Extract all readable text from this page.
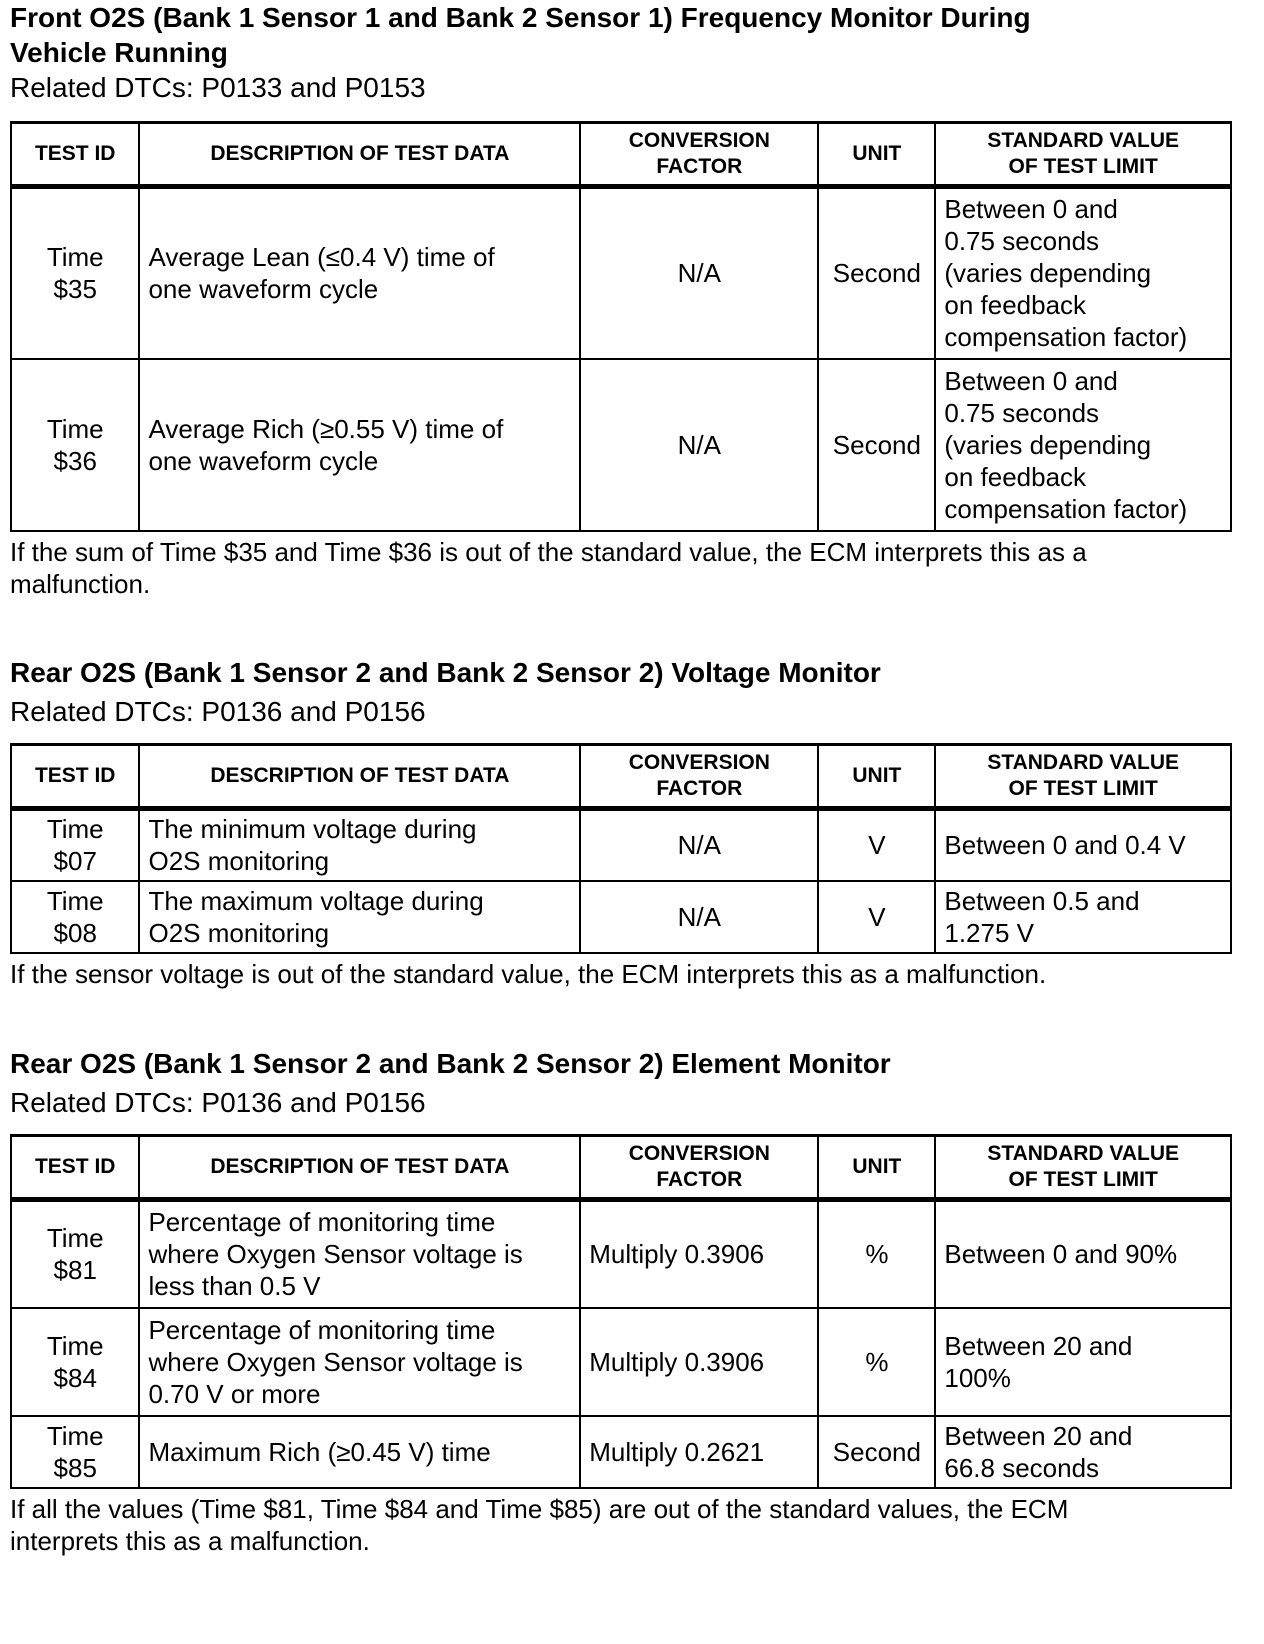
Front O2S (Bank 1 Sensor 1 and Bank 2 Sensor 1) Frequency Monitor During
Vehicle Running
Related DTCs: P0133 and P0153
TEST ID	DESCRIPTION OF TEST DATA	CONVERSION
FACTOR	UNIT	STANDARD VALUE
OF TEST LIMIT

Time
$35	Average Lean (≤0.4 V) time of
one waveform cycle	N/A	Second	Between 0 and
0.75 seconds
(varies depending
on feedback
compensation factor)

Time
$36	Average Rich (≥0.55 V) time of
one waveform cycle	N/A	Second	Between 0 and
0.75 seconds
(varies depending
on feedback
compensation factor)
If the sum of Time $35 and Time $36 is out of the standard value, the ECM interprets this as a
malfunction.
Rear O2S (Bank 1 Sensor 2 and Bank 2 Sensor 2) Voltage Monitor
Related DTCs: P0136 and P0156
TEST ID	DESCRIPTION OF TEST DATA	CONVERSION
FACTOR	UNIT	STANDARD VALUE
OF TEST LIMIT

Time
$07	The minimum voltage during
O2S monitoring	N/A	V	Between 0 and 0.4 V

Time
$08	The maximum voltage during
O2S monitoring	N/A	V	Between 0.5 and
1.275 V
If the sensor voltage is out of the standard value, the ECM interprets this as a malfunction.
Rear O2S (Bank 1 Sensor 2 and Bank 2 Sensor 2) Element Monitor
Related DTCs: P0136 and P0156
TEST ID	DESCRIPTION OF TEST DATA	CONVERSION
FACTOR	UNIT	STANDARD VALUE
OF TEST LIMIT

Time
$81	Percentage of monitoring time
where Oxygen Sensor voltage is
less than 0.5 V	Multiply 0.3906	%	Between 0 and 90%

Time
$84	Percentage of monitoring time
where Oxygen Sensor voltage is
0.70 V or more	Multiply 0.3906	%	Between 20 and
100%

Time
$85	Maximum Rich (≥0.45 V) time	Multiply 0.2621	Second	Between 20 and
66.8 seconds
If all the values (Time $81, Time $84 and Time $85) are out of the standard values, the ECM
interprets this as a malfunction.
